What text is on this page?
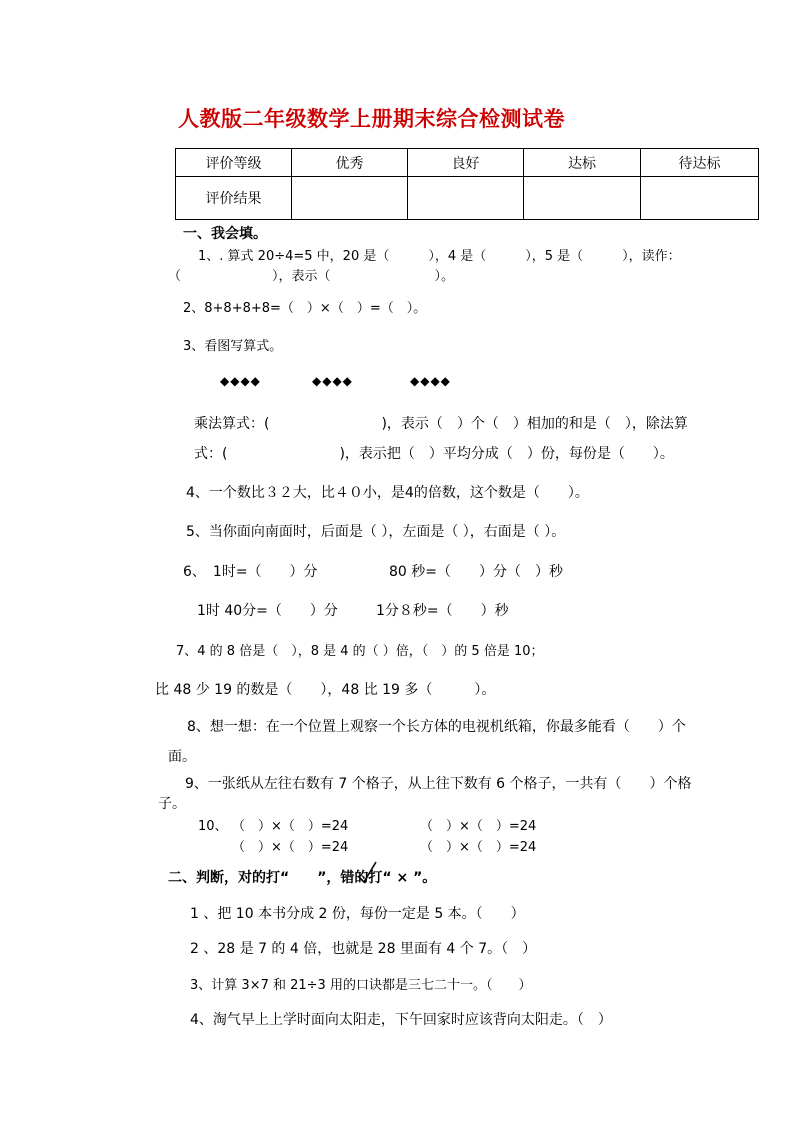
人教版二年级数学上册期末综合检测试卷
评价等级	优秀	良好	达标	待达标
评价结果				
一、我会填。
1、. 算式 20÷4=5 中，20 是（　　　），4 是（　　　），5 是（　　　），读作：
（　　　　　　　），表示（　　　　　　　　）。
2、8+8+8+8=（　）×（　）=（　）。
3、看图写算式。
◆◆◆◆	◆◆◆◆	◆◆◆◆
乘法算式：(　　　　　　　　)，表示（　）个（　）相加的和是（　），除法算
式：(　　　　　　　　)，表示把（　）平均分成（　）份，每份是（　　）。
4、一个数比３２大，比４０小，是4的倍数，这个数是（　　）。
5、当你面向南面时，后面是（ ），左面是（ ），右面是（ ）。
6、　1时=（　　）分	80 秒=（　　）分（　）秒
1时 40分=（　　）分	1分８秒=（　　）秒
7、4 的 8 倍是（　），8 是 4 的（ ）倍，（　）的 5 倍是 10；
比 48 少 19 的数是（　　），48 比 19 多（　　　）。
8、想一想：在一个位置上观察一个长方体的电视机纸箱，你最多能看（　　）个
面。
9、一张纸从左往右数有 7 个格子，从上往下数有 6 个格子，一共有（　　）个格
子。
10、 （　）×（　）=24	（　）×（　）=24
（　）×（　）=24	（　）×（　）=24
二、判断，对的打“　　”，错的打“ × ”。
1 、把 10 本书分成 2 份，每份一定是 5 本。（　　）
2 、28 是 7 的 4 倍，也就是 28 里面有 4 个 7。（　）
3、计算 3×7 和 21÷3 用的口诀都是三七二十一。（　　）
4、淘气早上上学时面向太阳走，下午回家时应该背向太阳走。（　）
